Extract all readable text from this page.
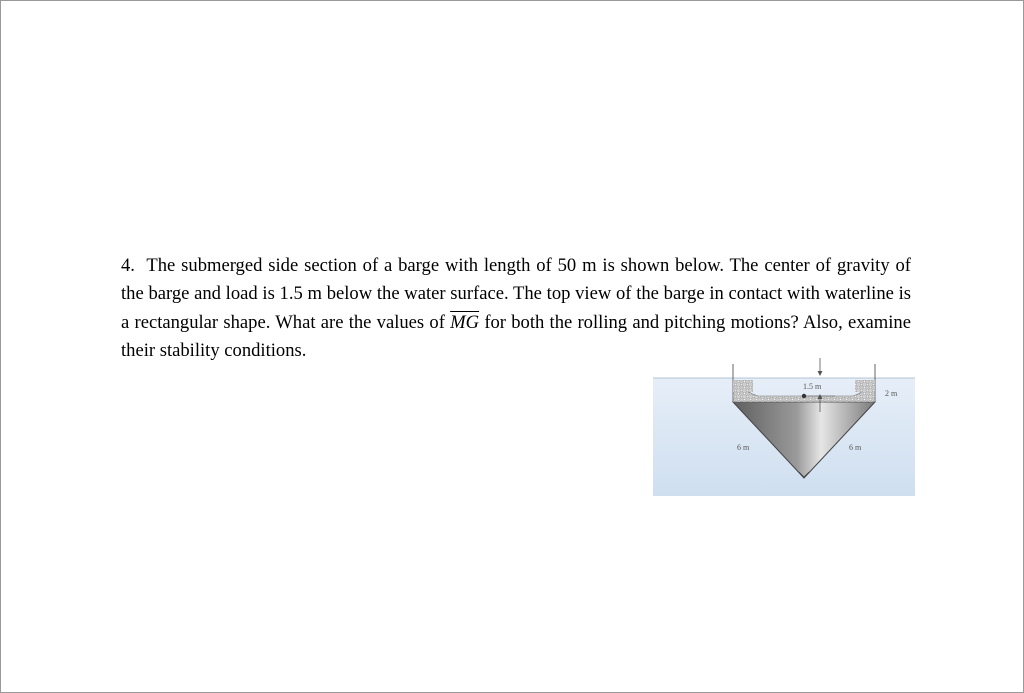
4. The submerged side section of a barge with length of 50 m is shown below. The center of gravity of the barge and load is 1.5 m below the water surface. The top view of the barge in contact with waterline is a rectangular shape. What are the values of $\overline{MG}$ for both the rolling and pitching motions? Also, examine their stability conditions.

1.5 m
2 m
6 m	6 m
